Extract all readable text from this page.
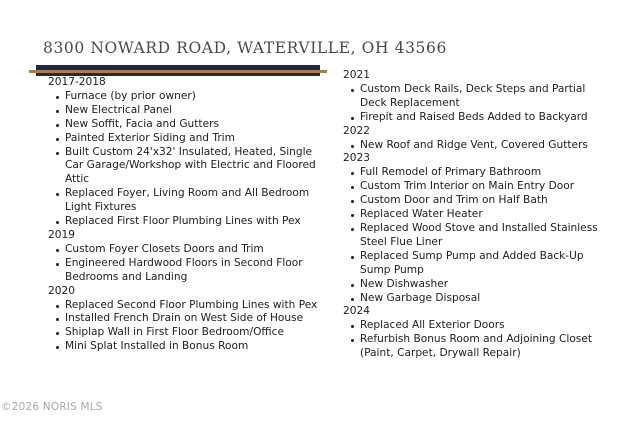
8300 NOWARD ROAD, WATERVILLE, OH 43566
2017-2018
Furnace (by prior owner)
New Electrical Panel
New Soffit, Facia and Gutters
Painted Exterior Siding and Trim
Built Custom 24'x32' Insulated, Heated, Single Car Garage/Workshop with Electric and Floored Attic
Replaced Foyer, Living Room and All Bedroom Light Fixtures
Replaced First Floor Plumbing Lines with Pex
2019
Custom Foyer Closets Doors and Trim
Engineered Hardwood Floors in Second Floor Bedrooms and Landing
2020
Replaced Second Floor Plumbing Lines with Pex
Installed French Drain on West Side of House
Shiplap Wall in First Floor Bedroom/Office
Mini Splat Installed in Bonus Room
2021
Custom Deck Rails, Deck Steps and Partial Deck Replacement
Firepit and Raised Beds Added to Backyard
2022
New Roof and Ridge Vent, Covered Gutters
2023
Full Remodel of Primary Bathroom
Custom Trim Interior on Main Entry Door
Custom Door and Trim on Half Bath
Replaced Water Heater
Replaced Wood Stove and Installed Stainless Steel Flue Liner
Replaced Sump Pump and Added Back-Up Sump Pump
New Dishwasher
New Garbage Disposal
2024
Replaced All Exterior Doors
Refurbish Bonus Room and Adjoining Closet (Paint, Carpet, Drywall Repair)
©2026 NORIS MLS
